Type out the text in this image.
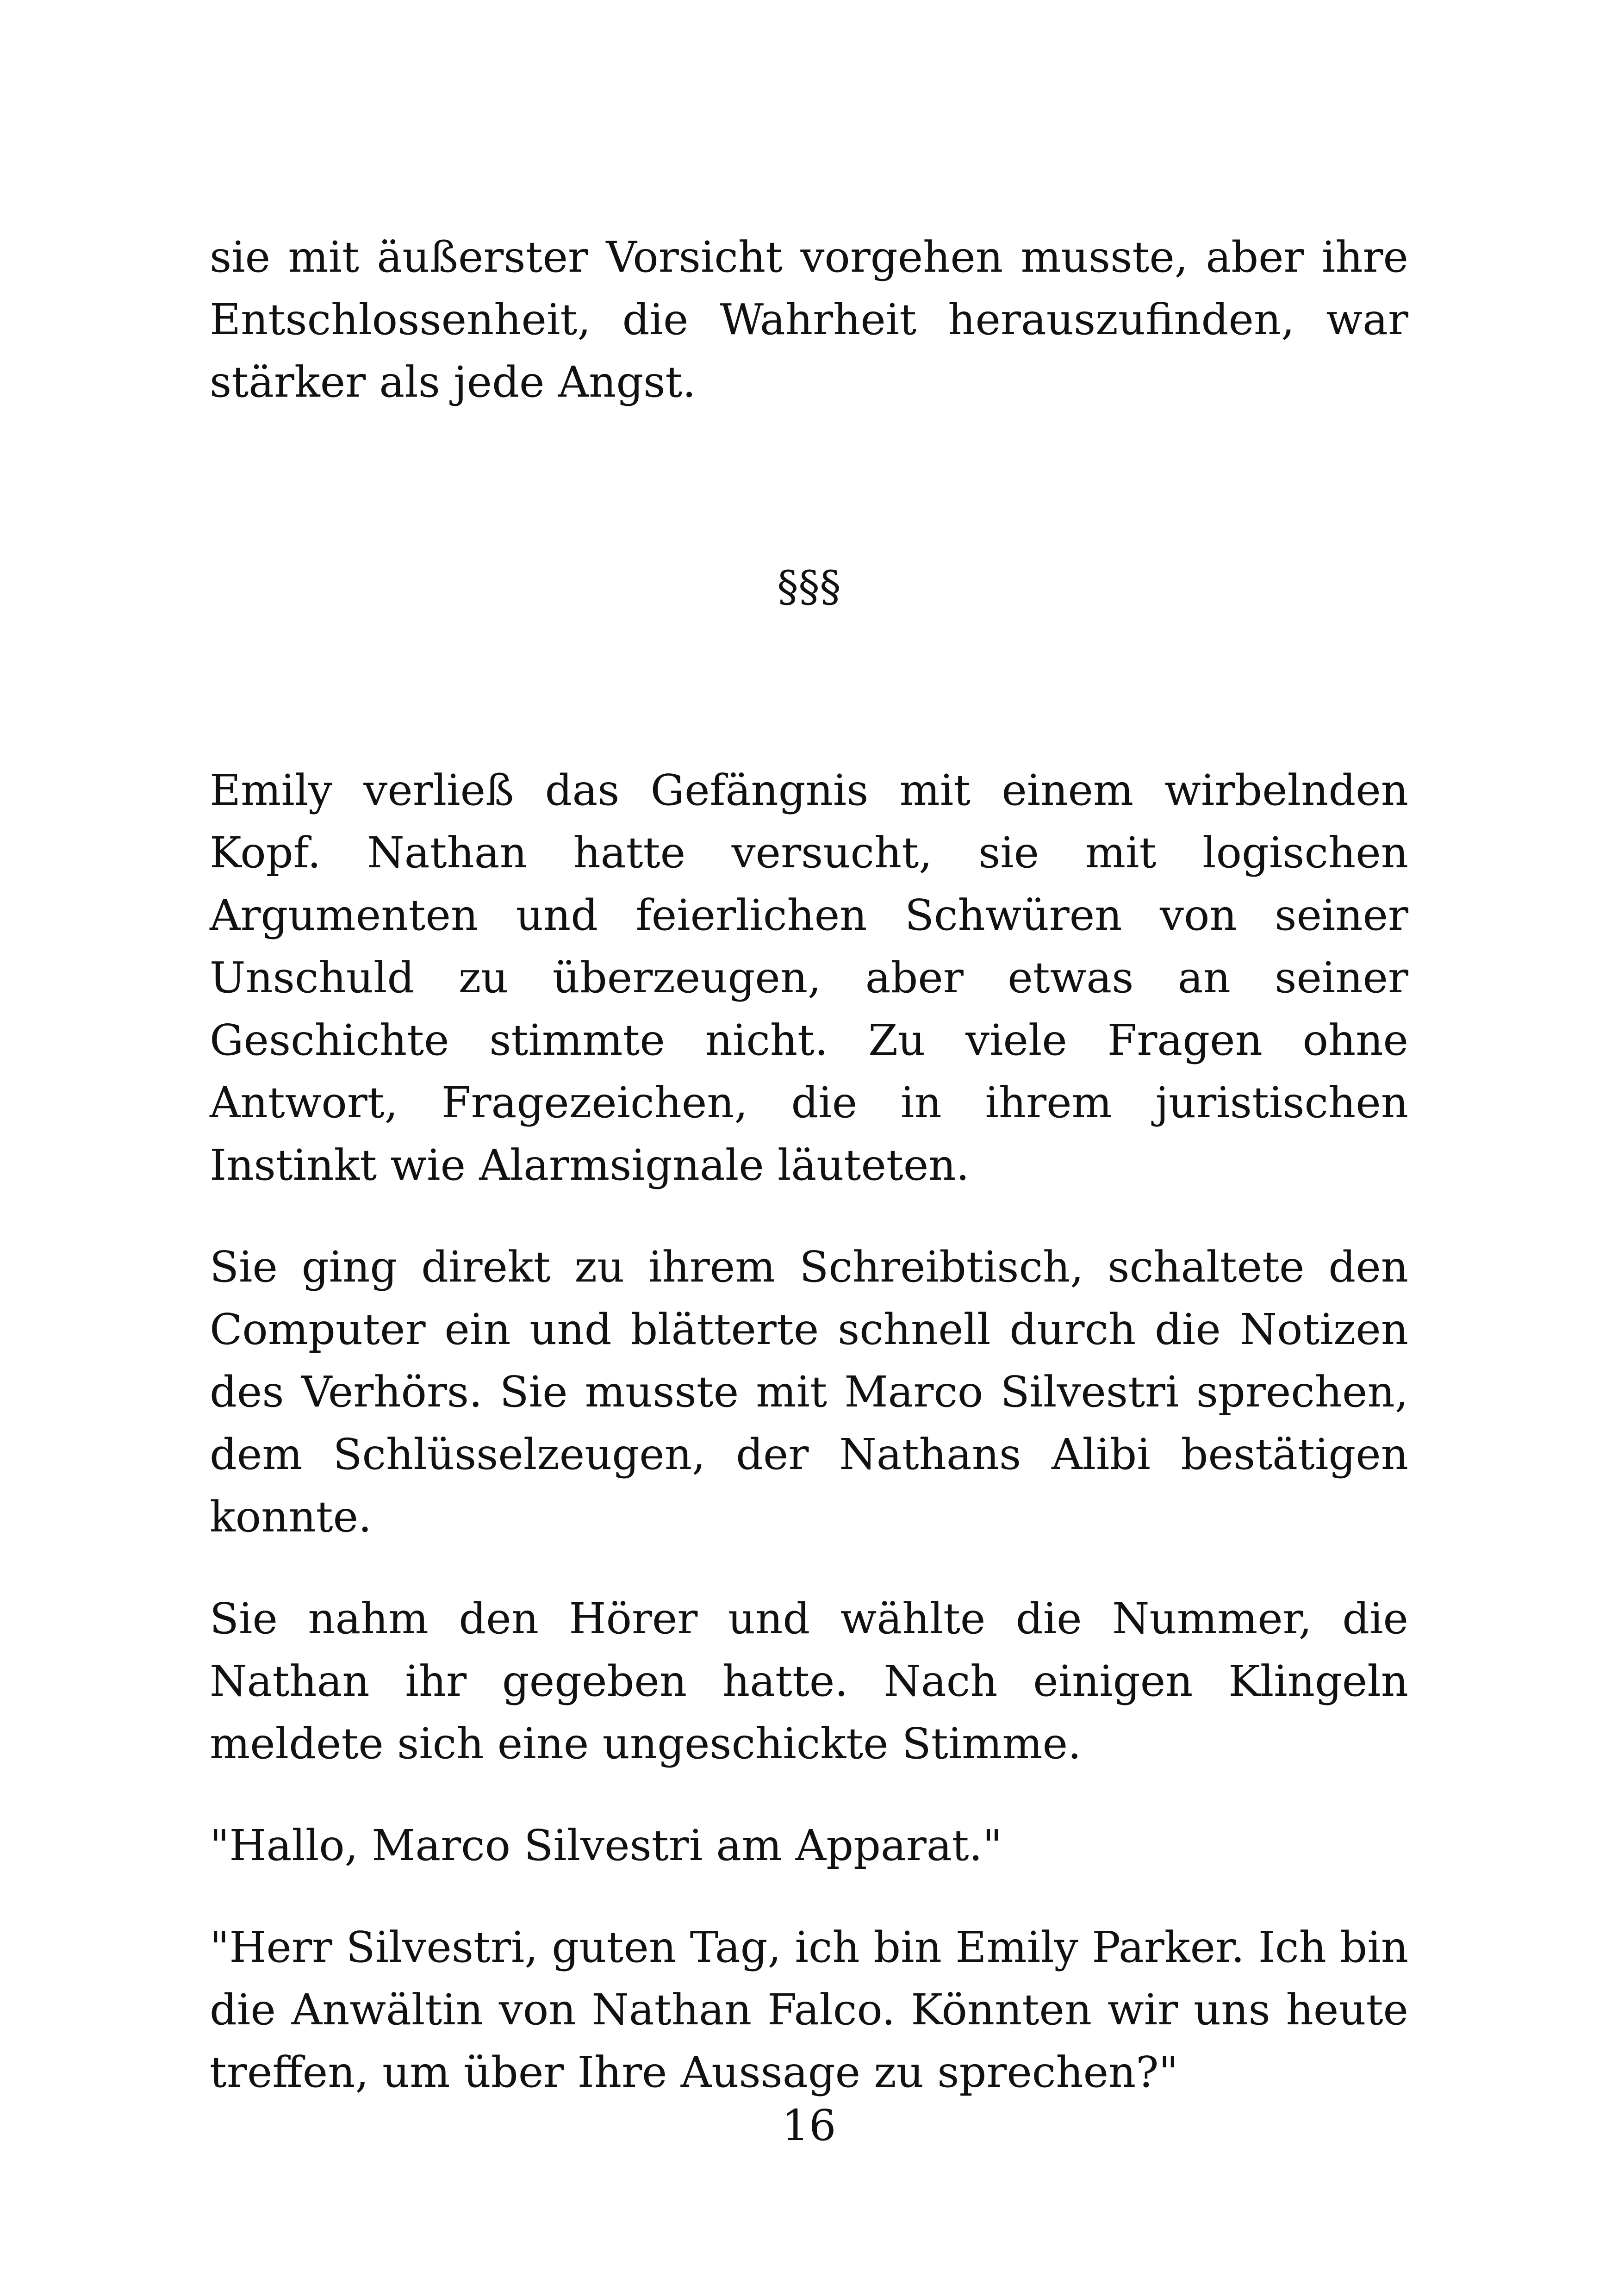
sie mit äußerster Vorsicht vorgehen musste, aber ihre Entschlossenheit, die Wahrheit herauszufinden, war stärker als jede Angst.

§§§

Emily verließ das Gefängnis mit einem wirbelnden Kopf. Nathan hatte versucht, sie mit logischen Argumenten und feierlichen Schwüren von seiner Unschuld zu überzeugen, aber etwas an seiner Geschichte stimmte nicht. Zu viele Fragen ohne Antwort, Fragezeichen, die in ihrem juristischen Instinkt wie Alarmsignale läuteten.

Sie ging direkt zu ihrem Schreibtisch, schaltete den Computer ein und blätterte schnell durch die Notizen des Verhörs. Sie musste mit Marco Silvestri sprechen, dem Schlüsselzeugen, der Nathans Alibi bestätigen konnte.

Sie nahm den Hörer und wählte die Nummer, die Nathan ihr gegeben hatte. Nach einigen Klingeln meldete sich eine ungeschickte Stimme.

"Hallo, Marco Silvestri am Apparat."

"Herr Silvestri, guten Tag, ich bin Emily Parker. Ich bin die Anwältin von Nathan Falco. Könnten wir uns heute treffen, um über Ihre Aussage zu sprechen?"

16
